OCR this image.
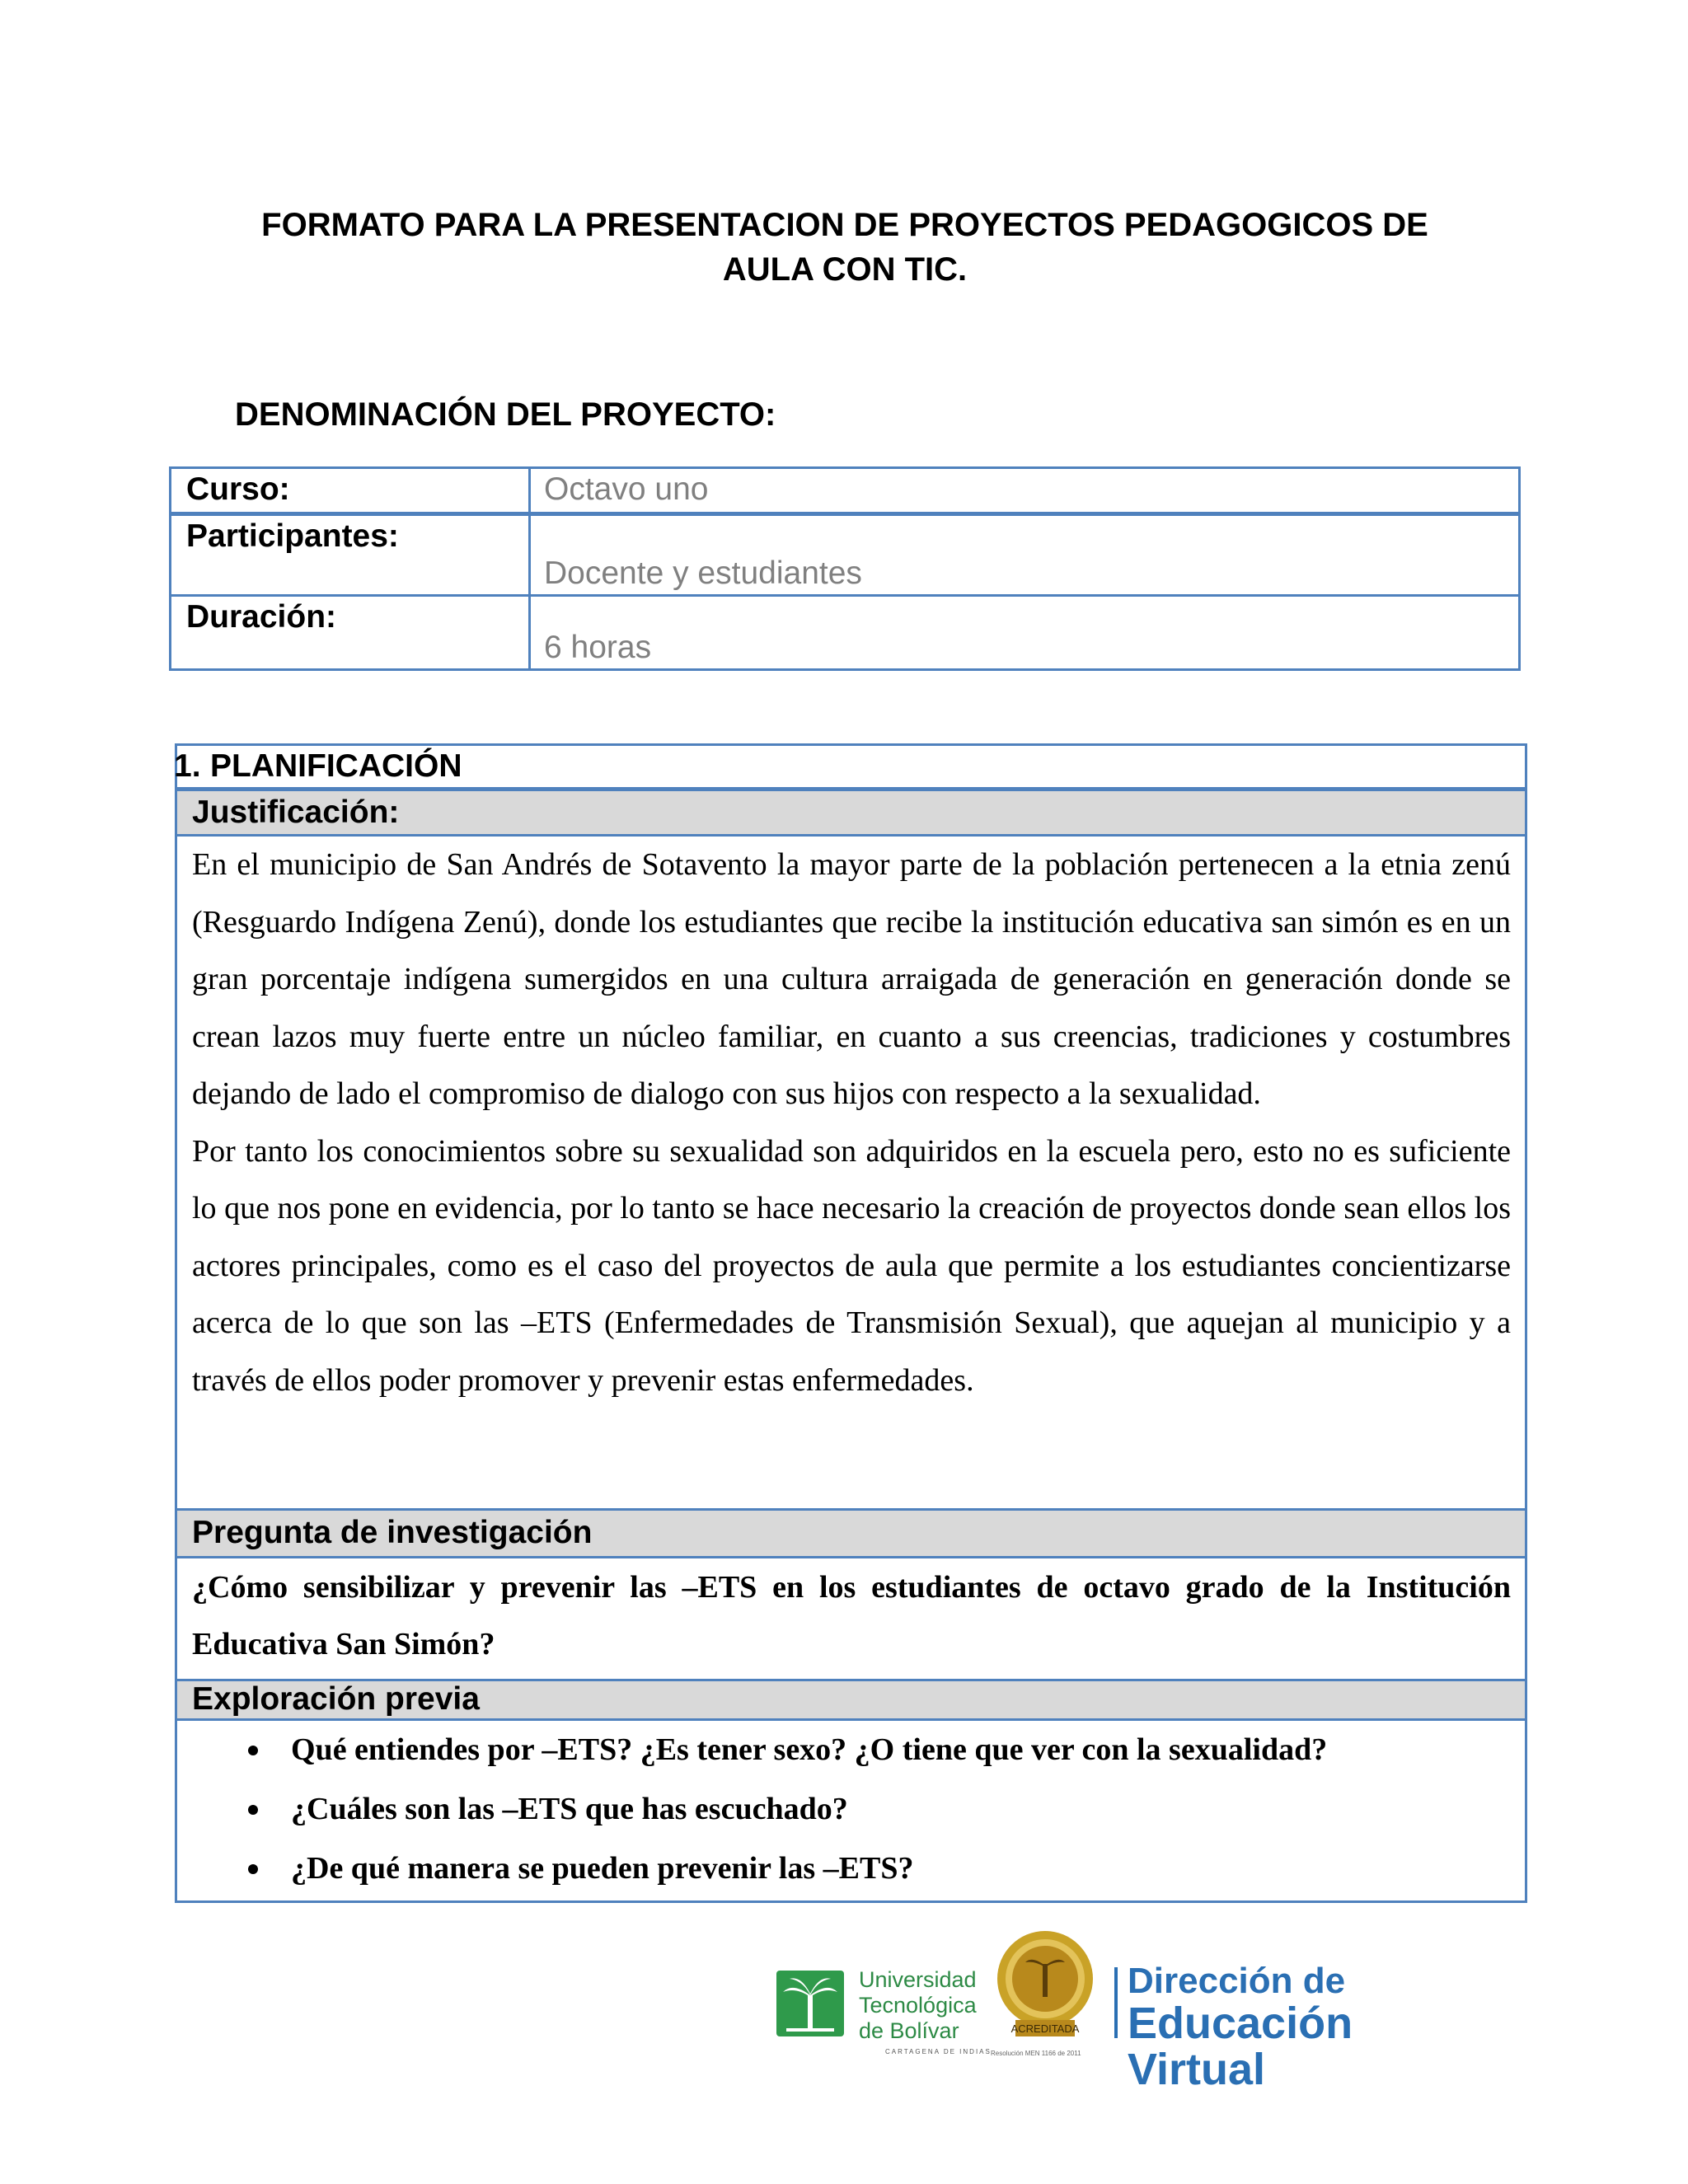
FORMATO PARA LA PRESENTACION DE PROYECTOS PEDAGOGICOS DE
AULA CON TIC.
DENOMINACIÓN DEL PROYECTO:
Curso:	Octavo uno
Participantes:
Docente y estudiantes
Duración:
6 horas
1. PLANIFICACIÓN
Justificación:

En el municipio de San Andrés de Sotavento la mayor parte de la población pertenecen a la etnia zenú (Resguardo Indígena Zenú), donde los estudiantes que recibe la institución educativa san simón es en un gran porcentaje indígena sumergidos en una cultura arraigada de generación en generación donde se crean lazos muy fuerte entre un núcleo familiar, en cuanto a sus creencias, tradiciones y costumbres dejando de lado el compromiso de dialogo con sus hijos con respecto a la sexualidad.

Por tanto los conocimientos sobre su sexualidad son adquiridos en la escuela pero, esto no es suficiente lo que nos pone en evidencia, por lo tanto se hace necesario la creación de proyectos donde sean ellos los actores principales, como es el caso del proyectos de aula que permite a los estudiantes concientizarse acerca de lo que son las –ETS (Enfermedades de Transmisión Sexual), que aquejan al municipio y a través de ellos poder promover y prevenir estas enfermedades.

Pregunta de investigación
¿Cómo sensibilizar y prevenir las –ETS en los estudiantes de octavo grado de la Institución Educativa San Simón?
Exploración previa
Qué entiendes por –ETS? ¿Es tener sexo? ¿O tiene que ver con la sexualidad?
¿Cuáles son las –ETS que has escuchado?
¿De qué manera se pueden prevenir las –ETS?
Universidad
Tecnológica
de Bolívar
CARTAGENA DE INDIAS
ACREDITADA
Resolución MEN 1166 de 2011
Dirección de
Educación Virtual
